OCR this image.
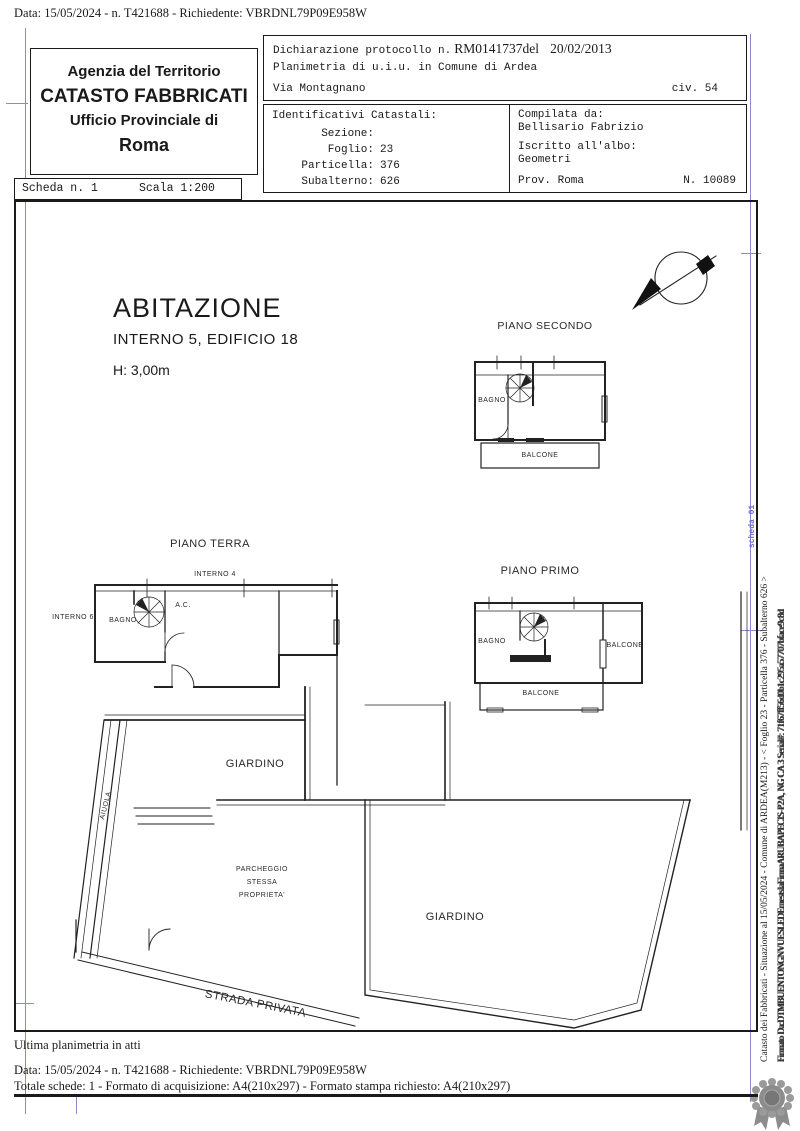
Data: 15/05/2024 - n. T421688 - Richiedente: VBRDNL79P09E958W
Agenzia del Territorio
CATASTO FABBRICATI
Ufficio Provinciale di
Roma
Scheda n. 1	Scala 1:200
Dichiarazione protocollo n. RM0141737del 20/02/2013
Planimetria di u.i.u. in Comune di Ardea
Via Montagnano	civ. 54
Identificativi Catastali:
Sezione:
Foglio: 23
Particella: 376
Subalterno: 626
Compilata da:
Bellisario Fabrizio
Iscritto all'albo:
Geometri
Prov. Roma	N. 10089
ABITAZIONE
INTERNO 5, EDIFICIO 18
H: 3,00m
PIANO SECONDO
PIANO TERRA
PIANO PRIMO
INTERNO 4
INTERNO 6	BAGNO
A.C.
BAGNO
BALCONE
BAGNO
BALCONE
BALCONE
GIARDINO
GIARDINO
AIUOLA
PARCHEGGIO
STESSA
PROPRIETA'
STRADA PRIVATA	Catasto dei Fabbricati - Situazione al 15/05/2024 - Comune di ARDEA(M213) - < Foglio 23 - Particella 376 - Subalterno 626 > Firmato Da:DTMBUENTONGNVUESLEDErnestslaFirmaARUBAPECIS-P2A, NG CA 3 Serial#: 71f67ff56d0b1c295a57707bface9c8d
scheda 01
Ultima planimetria in atti
Data: 15/05/2024 - n. T421688 - Richiedente: VBRDNL79P09E958W
Totale schede: 1 - Formato di acquisizione: A4(210x297) - Formato stampa richiesto: A4(210x297)
